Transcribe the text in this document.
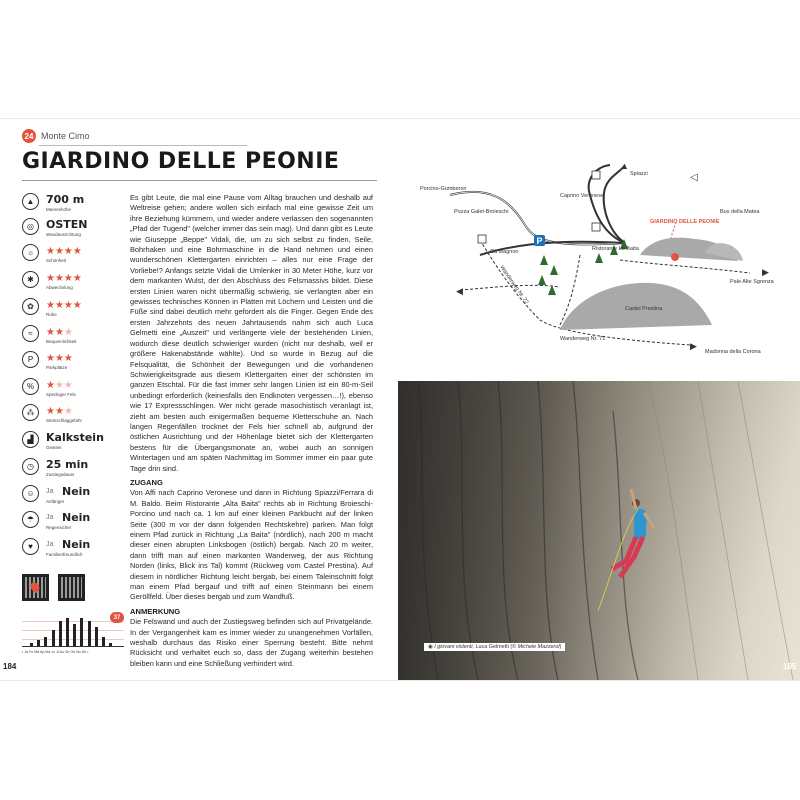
24 Monte Cimo
GIARDINO DELLE PEONIE
▲	700 m
Meereshöhe
◎	OSTEN
Wandausrichtung
☼	★★★★
Schönheit
✱	★★★★
Abwechslung
✿	★★★★
Ruhe
≈	★★★
Bequemlichkeit
P	★★★
Parkplätze
%	★★★
Speckiger Fels
⁂	★★★
Steinschlaggefahr
▟	Kalkstein
Gestein
◷	25 min
Zustiegsdauer
☺	Ja Nein
Anfänger
☂	Ja Nein
Regensicher
♥	Ja Nein
Familienfreundlich
37
• Ja Fe Mä Ap Ma Jn Jl Au Se Ok No De •
Es gibt Leute, die mal eine Pause vom Alltag brauchen und deshalb auf Weltreise gehen; andere wollen sich einfach mal eine gewisse Zeit um ihre Beziehung kümmern, und wieder andere verlassen den sogenannten „Pfad der Tugend" (welcher immer das sein mag). Und dann gibt es Leute wie Giuseppe „Beppe" Vidali, die, um zu sich selbst zu finden, Seile, Bohrhaken und eine Bohrmaschine in die Hand nehmen und einen wunderschönen Klettergarten einrichten – alles nur eine Frage der Vorliebe!? Anfangs setzte Vidali die Umlenker in 30 Meter Höhe, kurz vor dem markanten Wulst, der den Abschluss des Felsmassivs bildet. Diese ersten Linien waren nicht übermäßig schwierig, sie verlangten aber ein gewisses technisches Können in Platten mit Löchern und Leisten und die Füße sind dabei deutlich mehr gefordert als die Finger. Gegen Ende des ersten Jahrzehnts des neuen Jahrtausends nahm sich auch Luca Gelmetti eine „Auszeit" und verlängerte viele der bestehenden Linien, wodurch diese deutlich schwieriger wurden (nicht nur deshalb, weil er größere Hakenabstände wählte). Und so wurde in Bezug auf die Felsqualität, die Schönheit der Bewegungen und die vorhandenen Schwierigkeitsgrade aus diesem Klettergarten einer der schönsten im ganzen Etschtal. Für die fast immer sehr langen Linien ist ein 80-m-Seil unbedingt erforderlich (keinesfalls den Endknoten vergessen…!), ebenso wie 17 Expressschlingen. Wer nicht gerade masochistisch veranlagt ist, zieht am besten auch einigermaßen bequeme Kletterschuhe an. Nach langen Regenfällen trocknet der Fels hier schnell ab, aufgrund der östlichen Ausrichtung und der Höhenlage bietet sich der Klettergarten bestens für die Übergangsmonate an, wobei auch an sonnigen Wintertagen und am späten Nachmittag im Sommer immer ein paar gute Tage drin sind.
ZUGANG
Von Affi nach Caprino Veronese und dann in Richtung Spiazzi/Ferrara di M. Baldo. Beim Ristorante „Alta Baita" rechts ab in Richtung Broieschi-Porcino und nach ca. 1 km auf einer kleinen Parkbucht auf der linken Seite (300 m vor der dann folgenden Rechtskehre) parken. Man folgt einem Pfad zurück in Richtung „La Baita" (nördlich), nach 200 m macht dieser einen abrupten Linksbogen (östlich) bergab. Nach 20 m weiter, dann trifft man auf einen markanten Wanderweg, der aus Richtung Norden (links, Blick ins Tal) kommt (Rückweg vom Castel Prestina). Auf diesem in nördlicher Richtung leicht bergab, bei einem Taleinschnitt folgt man einem Pfad bergauf und trifft auf einen Steinmann bei einem Geröllfeld. Über dieses bergab und zum Wandfuß.
ANMERKUNG
Die Felswand und auch der Zustiegsweg befinden sich auf Privatgelände. In der Vergangenheit kam es immer wieder zu unangenehmen Vorfällen, weshalb durchaus das Risiko einer Sperrung besteht. Bitte nehmt Rücksicht und verhaltet euch so, dass der Zugang weiterhin bestehen bleiben kann und eine Schließung verhindert wird.
184
◀
▶
▲
▶
◁
P
Porcino-Gumberon
Caprino Veronese
Spiazzi
Pozza Galet-Broieschi
Cà Magnon	Ristorante La Baita
GIARDINO DELLE PEONIE
Bus della Matea
Pale Alte Sgrenza
Wanderweg Nr. 72
Castel Prestina
Wanderweg Nr. 71
Madonna della Corona
◉ I giovani violenti, Luca Gelmetti (© Michele Mazzerol)
185
